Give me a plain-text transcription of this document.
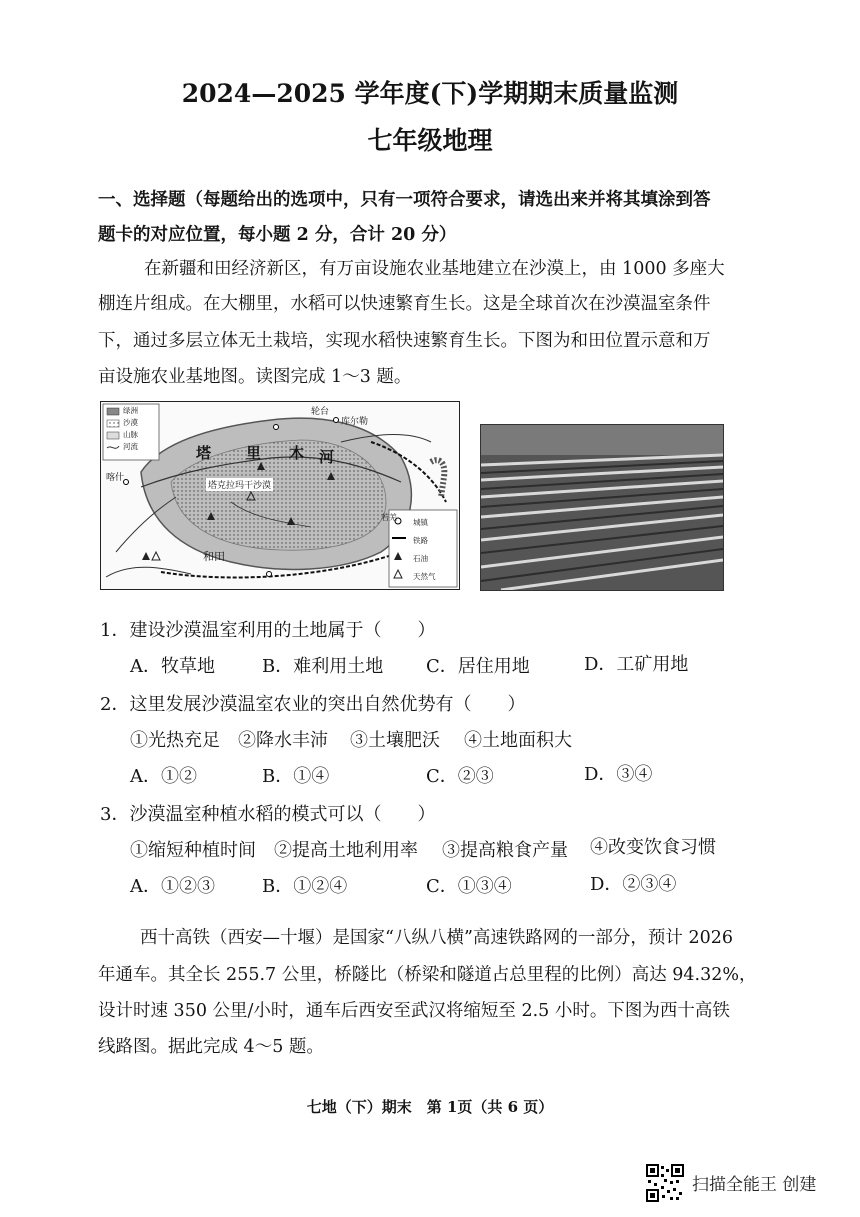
2024—2025 学年度(下)学期期末质量监测
七年级地理
一、选择题（每题给出的选项中，只有一项符合要求，请选出来并将其填涂到答
题卡的对应位置，每小题 2 分，合计 20 分）
在新疆和田经济新区，有万亩设施农业基地建立在沙漠上，由 1000 多座大
棚连片组成。在大棚里，水稻可以快速繁育生长。这是全球首次在沙漠温室条件
下，通过多层立体无土栽培，实现水稻快速繁育生长。下图为和田位置示意和万
亩设施农业基地图。读图完成 1～3 题。
绿洲
沙漠
山脉
河流
城镇
铁路
石油
天然气
轮台
喀什
库尔勒
塔 里 木 河
塔克拉玛干沙漠
若羌
和田
1．建设沙漠温室利用的土地属于（　　）
A．牧草地	B．难利用土地 C．居住用地	D．工矿用地
2．这里发展沙漠温室农业的突出自然优势有（　　）
①光热充足 ②降水丰沛 ③土壤肥沃 ④土地面积大
A．①②	B．①④	C．②③	D．③④
3．沙漠温室种植水稻的模式可以（　　）
①缩短种植时间 ②提高土地利用率 ③提高粮食产量 ④改变饮食习惯
A．①②③	B．①②④	C．①③④	D．②③④
西十高铁（西安—十堰）是国家“八纵八横”高速铁路网的一部分，预计 2026
年通车。其全长 255.7 公里，桥隧比（桥梁和隧道占总里程的比例）高达 94.32%，
设计时速 350 公里/小时，通车后西安至武汉将缩短至 2.5 小时。下图为西十高铁
线路图。据此完成 4～5 题。
七地（下）期末　第 1页（共 6 页）
扫描全能王 创建
